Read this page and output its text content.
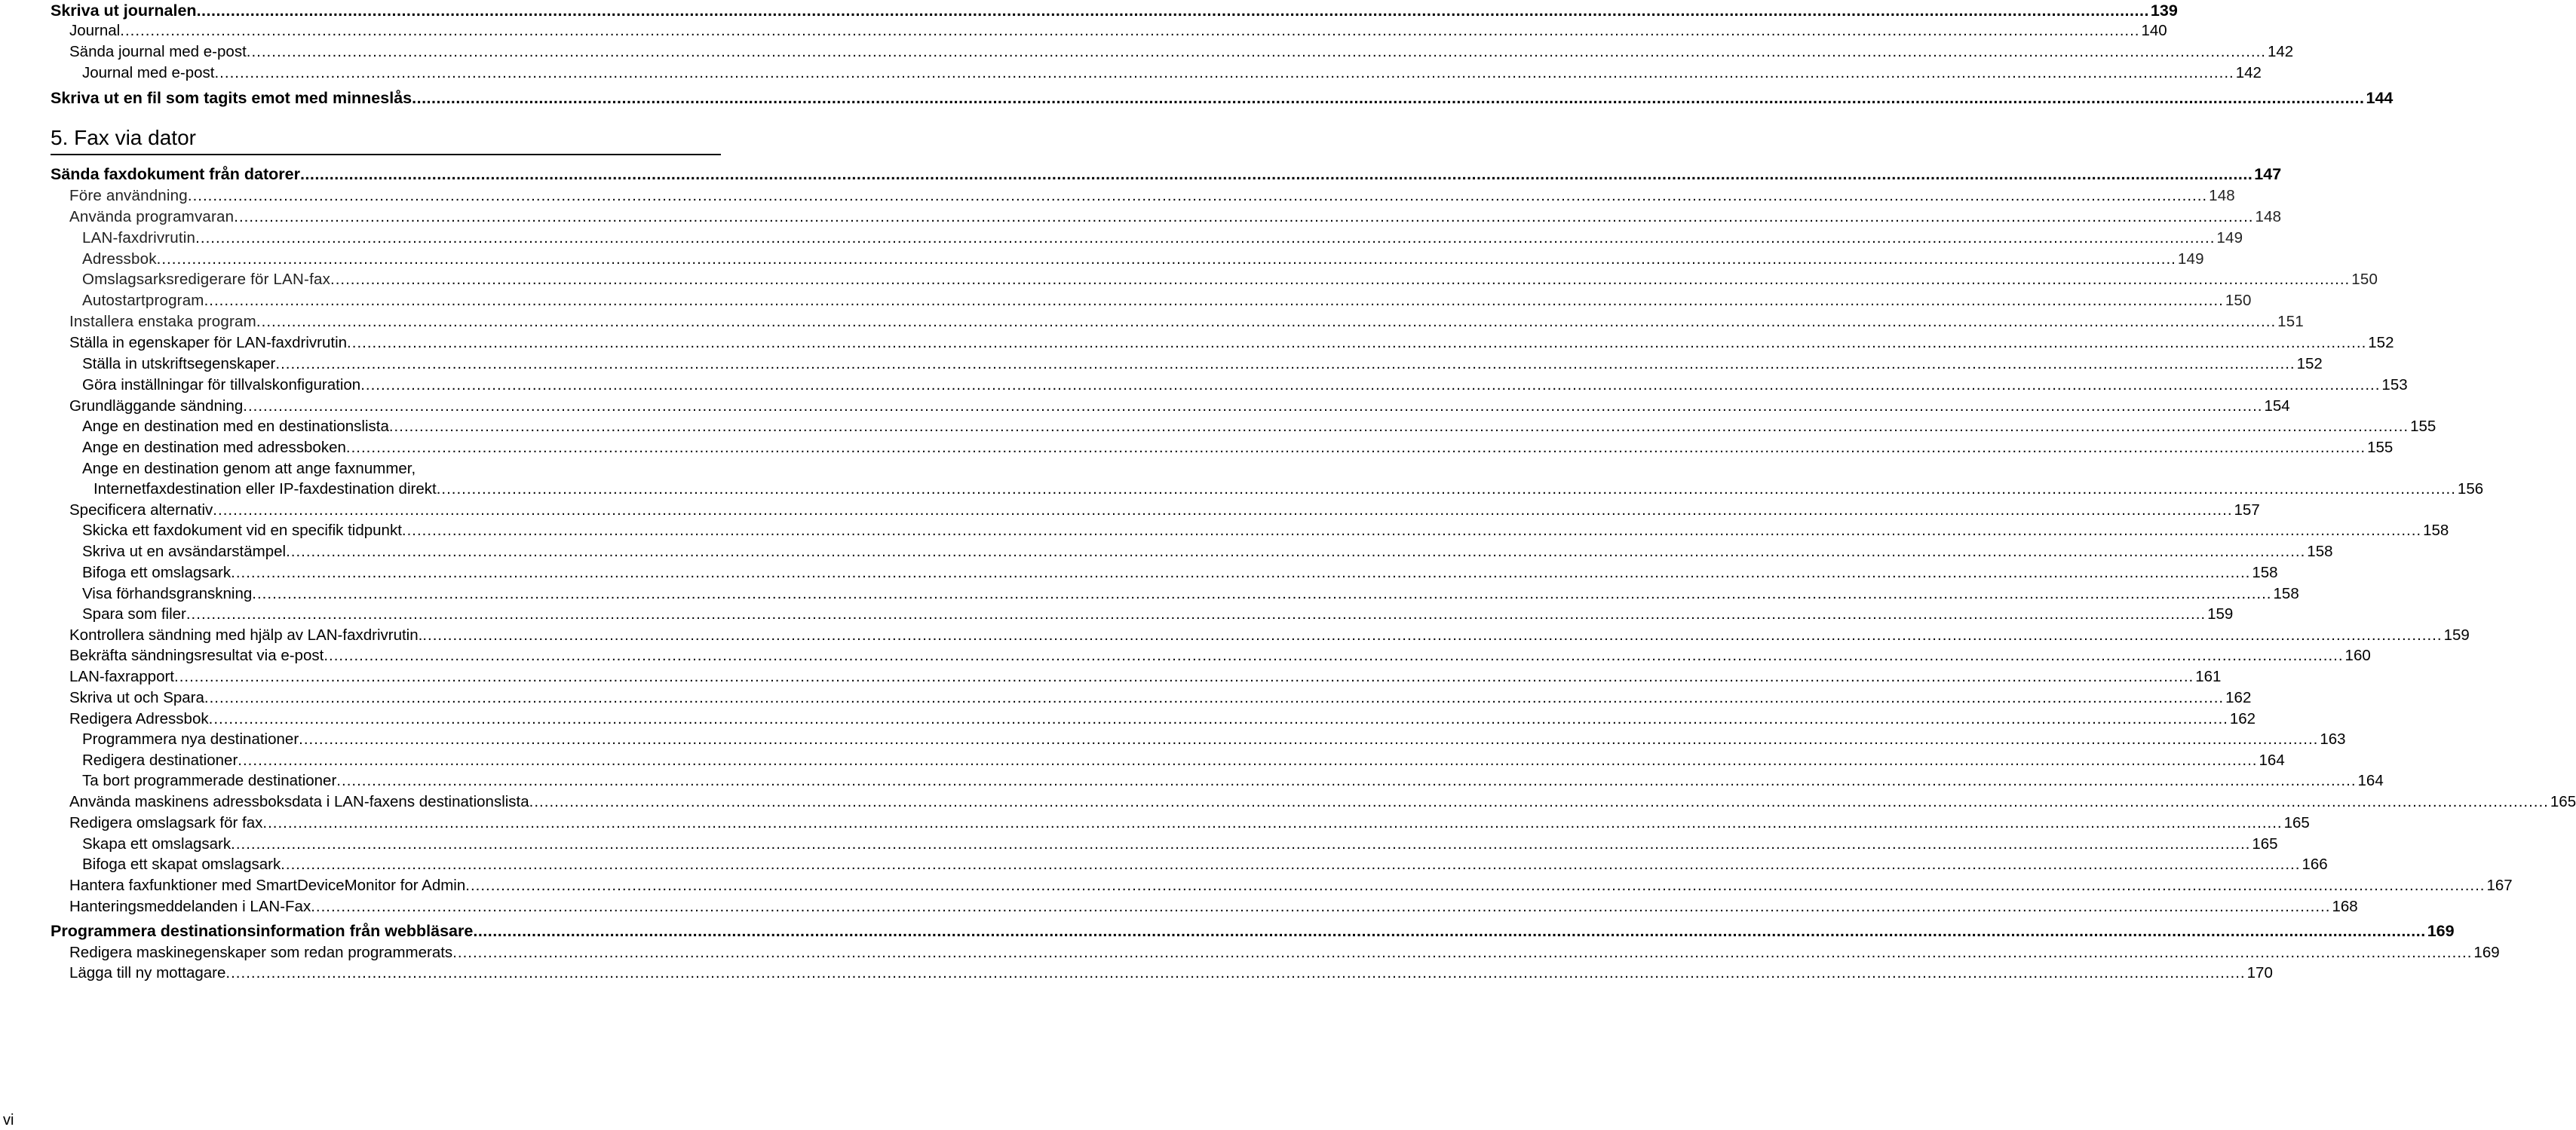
Skriva ut journalen ................................................................................................................................................................................................................................................................................................................................................................................................................ 139
Journal ................................................................................................................................................................................................................................................................................................................................................................................................................ 140
Sända journal med e-post ................................................................................................................................................................................................................................................................................................................................................................................................................ 142
Journal med e-post ................................................................................................................................................................................................................................................................................................................................................................................................................ 142
Skriva ut en fil som tagits emot med minneslås ................................................................................................................................................................................................................................................................................................................................................................................................................ 144
Sända faxdokument från datorer ................................................................................................................................................................................................................................................................................................................................................................................................................ 147
Före användning ................................................................................................................................................................................................................................................................................................................................................................................................................ 148
Använda programvaran ................................................................................................................................................................................................................................................................................................................................................................................................................ 148
LAN-faxdrivrutin ................................................................................................................................................................................................................................................................................................................................................................................................................ 149
Adressbok ................................................................................................................................................................................................................................................................................................................................................................................................................ 149
Omslagsarksredigerare för LAN-fax ................................................................................................................................................................................................................................................................................................................................................................................................................ 150
Autostartprogram ................................................................................................................................................................................................................................................................................................................................................................................................................ 150
Installera enstaka program ................................................................................................................................................................................................................................................................................................................................................................................................................ 151
Ställa in egenskaper för LAN-faxdrivrutin ................................................................................................................................................................................................................................................................................................................................................................................................................ 152
Ställa in utskriftsegenskaper ................................................................................................................................................................................................................................................................................................................................................................................................................ 152
Göra inställningar för tillvalskonfiguration ................................................................................................................................................................................................................................................................................................................................................................................................................ 153
Grundläggande sändning ................................................................................................................................................................................................................................................................................................................................................................................................................ 154
Ange en destination med en destinationslista ................................................................................................................................................................................................................................................................................................................................................................................................................ 155
Ange en destination med adressboken ................................................................................................................................................................................................................................................................................................................................................................................................................ 155
Internetfaxdestination eller IP-faxdestination direkt ................................................................................................................................................................................................................................................................................................................................................................................................................ 156
Specificera alternativ ................................................................................................................................................................................................................................................................................................................................................................................................................ 157
Skicka ett faxdokument vid en specifik tidpunkt ................................................................................................................................................................................................................................................................................................................................................................................................................ 158
Skriva ut en avsändarstämpel ................................................................................................................................................................................................................................................................................................................................................................................................................ 158
Bifoga ett omslagsark ................................................................................................................................................................................................................................................................................................................................................................................................................ 158
Visa förhandsgranskning ................................................................................................................................................................................................................................................................................................................................................................................................................ 158
Spara som filer ................................................................................................................................................................................................................................................................................................................................................................................................................ 159
Kontrollera sändning med hjälp av LAN-faxdrivrutin. ................................................................................................................................................................................................................................................................................................................................................................................................................ 159
Bekräfta sändningsresultat via e-post ................................................................................................................................................................................................................................................................................................................................................................................................................ 160
LAN-faxrapport ................................................................................................................................................................................................................................................................................................................................................................................................................ 161
Skriva ut och Spara ................................................................................................................................................................................................................................................................................................................................................................................................................ 162
Redigera Adressbok ................................................................................................................................................................................................................................................................................................................................................................................................................ 162
Programmera nya destinationer ................................................................................................................................................................................................................................................................................................................................................................................................................ 163
Redigera destinationer ................................................................................................................................................................................................................................................................................................................................................................................................................ 164
Ta bort programmerade destinationer ................................................................................................................................................................................................................................................................................................................................................................................................................ 164
Använda maskinens adressboksdata i LAN-faxens destinationslista ................................................................................................................................................................................................................................................................................................................................................................................................................ 165
Redigera omslagsark för fax ................................................................................................................................................................................................................................................................................................................................................................................................................ 165
Skapa ett omslagsark ................................................................................................................................................................................................................................................................................................................................................................................................................ 165
Bifoga ett skapat omslagsark ................................................................................................................................................................................................................................................................................................................................................................................................................ 166
Hantera faxfunktioner med SmartDeviceMonitor for Admin ................................................................................................................................................................................................................................................................................................................................................................................................................ 167
Hanteringsmeddelanden i LAN-Fax ................................................................................................................................................................................................................................................................................................................................................................................................................ 168
Programmera destinationsinformation från webbläsare ................................................................................................................................................................................................................................................................................................................................................................................................................ 169
Redigera maskinegenskaper som redan programmerats ................................................................................................................................................................................................................................................................................................................................................................................................................ 169
Lägga till ny mottagare ................................................................................................................................................................................................................................................................................................................................................................................................................ 170
5. Fax via dator
Ange en destination genom att ange faxnummer,
vi
